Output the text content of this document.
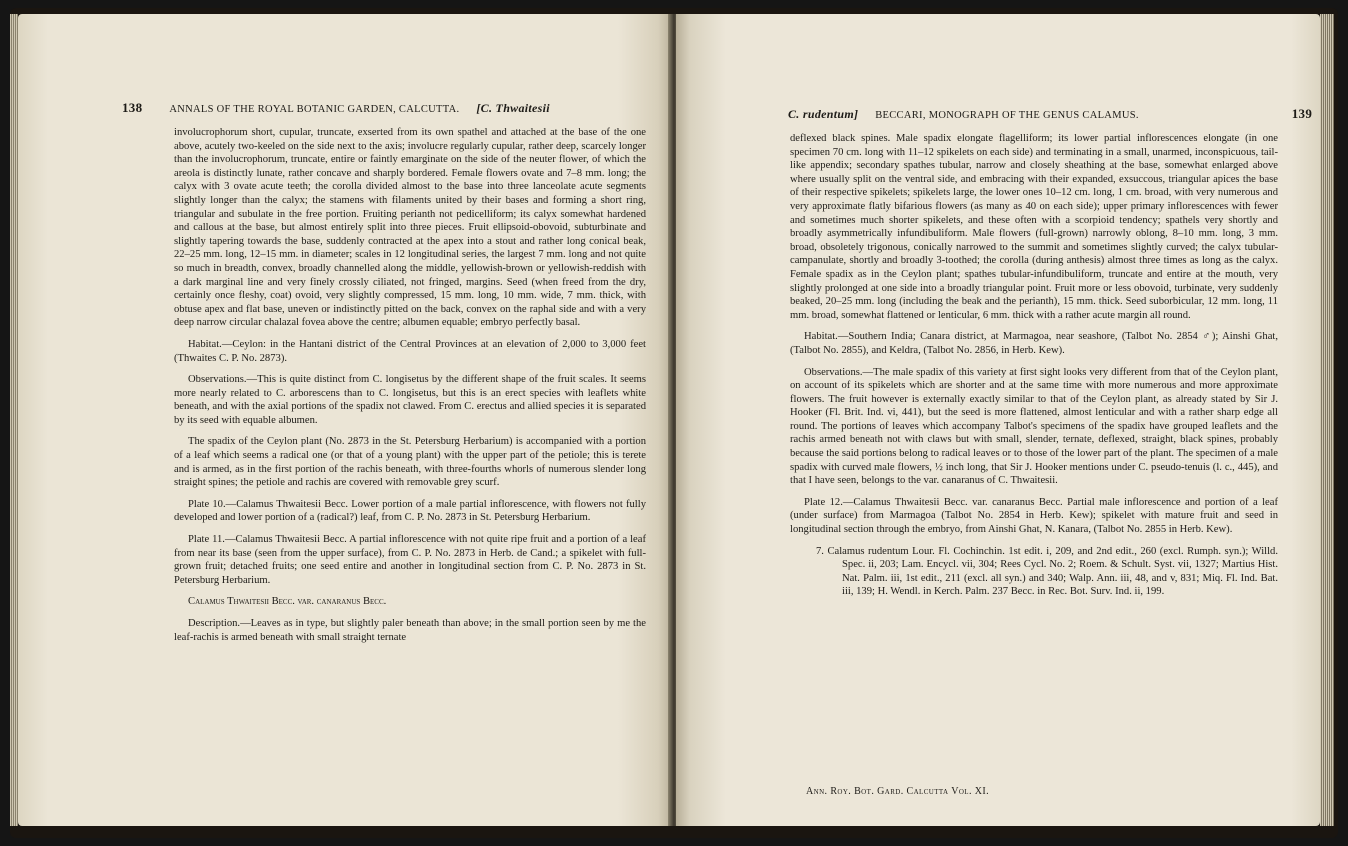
138	ANNALS OF THE ROYAL BOTANIC GARDEN, CALCUTTA. [C. Thwaitesii

involucrophorum short, cupular, truncate, exserted from its own spathel and attached at the base of the one above, acutely two-keeled on the side next to the axis; involucre regularly cupular, rather deep, scarcely longer than the involucrophorum, truncate, entire or faintly emarginate on the side of the neuter flower, of which the areola is distinctly lunate, rather concave and sharply bordered. Female flowers ovate and 7–8 mm. long; the calyx with 3 ovate acute teeth; the corolla divided almost to the base into three lanceolate acute segments slightly longer than the calyx; the stamens with filaments united by their bases and forming a short ring, triangular and subulate in the free portion. Fruiting perianth not pedicelliform; its calyx somewhat hardened and callous at the base, but almost entirely split into three pieces. Fruit ellipsoid-obovoid, subturbinate and slightly tapering towards the base, suddenly contracted at the apex into a stout and rather long conical beak, 22–25 mm. long, 12–15 mm. in diameter; scales in 12 longitudinal series, the largest 7 mm. long and not quite so much in breadth, convex, broadly channelled along the middle, yellowish-brown or yellowish-reddish with a dark marginal line and very finely crossly ciliated, not fringed, margins. Seed (when freed from the dry, certainly once fleshy, coat) ovoid, very slightly compressed, 15 mm. long, 10 mm. wide, 7 mm. thick, with obtuse apex and flat base, uneven or indistinctly pitted on the back, convex on the raphal side and with a very deep narrow circular chalazal fovea above the centre; albumen equable; embryo perfectly basal.

Habitat.—Ceylon: in the Hantani district of the Central Provinces at an elevation of 2,000 to 3,000 feet (Thwaites C. P. No. 2873).

Observations.—This is quite distinct from C. longisetus by the different shape of the fruit scales. It seems more nearly related to C. arborescens than to C. longisetus, but this is an erect species with leaflets white beneath, and with the axial portions of the spadix not clawed. From C. erectus and allied species it is separated by its seed with equable albumen.

The spadix of the Ceylon plant (No. 2873 in the St. Petersburg Herbarium) is accompanied with a portion of a leaf which seems a radical one (or that of a young plant) with the upper part of the petiole; this is terete and is armed, as in the first portion of the rachis beneath, with three-fourths whorls of numerous slender long straight spines; the petiole and rachis are covered with removable grey scurf.

Plate 10.—Calamus Thwaitesii Becc. Lower portion of a male partial inflorescence, with flowers not fully developed and lower portion of a (radical?) leaf, from C. P. No. 2873 in St. Petersburg Herbarium.

Plate 11.—Calamus Thwaitesii Becc. A partial inflorescence with not quite ripe fruit and a portion of a leaf from near its base (seen from the upper surface), from C. P. No. 2873 in Herb. de Cand.; a spikelet with full-grown fruit; detached fruits; one seed entire and another in longitudinal section from C. P. No. 2873 in St. Petersburg Herbarium.

Calamus Thwaitesii Becc. var. canaranus Becc.

Description.—Leaves as in type, but slightly paler beneath than above; in the small portion seen by me the leaf-rachis is armed beneath with small straight ternate

C. rudentum] BECCARI, MONOGRAPH OF THE GENUS CALAMUS.	139

deflexed black spines. Male spadix elongate flagelliform; its lower partial inflorescences elongate (in one specimen 70 cm. long with 11–12 spikelets on each side) and terminating in a small, unarmed, inconspicuous, tail-like appendix; secondary spathes tubular, narrow and closely sheathing at the base, somewhat enlarged above where usually split on the ventral side, and embracing with their expanded, exsuccous, triangular apices the base of their respective spikelets; spikelets large, the lower ones 10–12 cm. long, 1 cm. broad, with very numerous and very approximate flatly bifarious flowers (as many as 40 on each side); upper primary inflorescences with fewer and sometimes much shorter spikelets, and these often with a scorpioid tendency; spathels very shortly and broadly asymmetrically infundibuliform. Male flowers (full-grown) narrowly oblong, 8–10 mm. long, 3 mm. broad, obsoletely trigonous, conically narrowed to the summit and sometimes slightly curved; the calyx tubular-campanulate, shortly and broadly 3-toothed; the corolla (during anthesis) almost three times as long as the calyx. Female spadix as in the Ceylon plant; spathes tubular-infundibuliform, truncate and entire at the mouth, very slightly prolonged at one side into a broadly triangular point. Fruit more or less obovoid, turbinate, very suddenly beaked, 20–25 mm. long (including the beak and the perianth), 15 mm. thick. Seed suborbicular, 12 mm. long, 11 mm. broad, somewhat flattened or lenticular, 6 mm. thick with a rather acute margin all round.

Habitat.—Southern India; Canara district, at Marmagoa, near seashore, (Talbot No. 2854 ♂); Ainshi Ghat, (Talbot No. 2855), and Keldra, (Talbot No. 2856, in Herb. Kew).

Observations.—The male spadix of this variety at first sight looks very different from that of the Ceylon plant, on account of its spikelets which are shorter and at the same time with more numerous and more approximate flowers. The fruit however is externally exactly similar to that of the Ceylon plant, as already stated by Sir J. Hooker (Fl. Brit. Ind. vi, 441), but the seed is more flattened, almost lenticular and with a rather sharp edge all round. The portions of leaves which accompany Talbot's specimens of the spadix have grouped leaflets and the rachis armed beneath not with claws but with small, slender, ternate, deflexed, straight, black spines, probably because the said portions belong to radical leaves or to those of the lower part of the plant. The specimen of a male spadix with curved male flowers, ½ inch long, that Sir J. Hooker mentions under C. pseudo-tenuis (l. c., 445), and that I have seen, belongs to the var. canaranus of C. Thwaitesii.

Plate 12.—Calamus Thwaitesii Becc. var. canaranus Becc. Partial male inflorescence and portion of a leaf (under surface) from Marmagoa (Talbot No. 2854 in Herb. Kew); spikelet with mature fruit and seed in longitudinal section through the embryo, from Ainshi Ghat, N. Kanara, (Talbot No. 2855 in Herb. Kew).

7. Calamus rudentum Lour. Fl. Cochinchin. 1st edit. i, 209, and 2nd edit., 260 (excl. Rumph. syn.); Willd. Spec. ii, 203; Lam. Encycl. vii, 304; Rees Cycl. No. 2; Roem. & Schult. Syst. vii, 1327; Martius Hist. Nat. Palm. iii, 1st edit., 211 (excl. all syn.) and 340; Walp. Ann. iii, 48, and v, 831; Miq. Fl. Ind. Bat. iii, 139; H. Wendl. in Kerch. Palm. 237 Becc. in Rec. Bot. Surv. Ind. ii, 199.

Ann. Roy. Bot. Gard. Calcutta Vol. XI.
